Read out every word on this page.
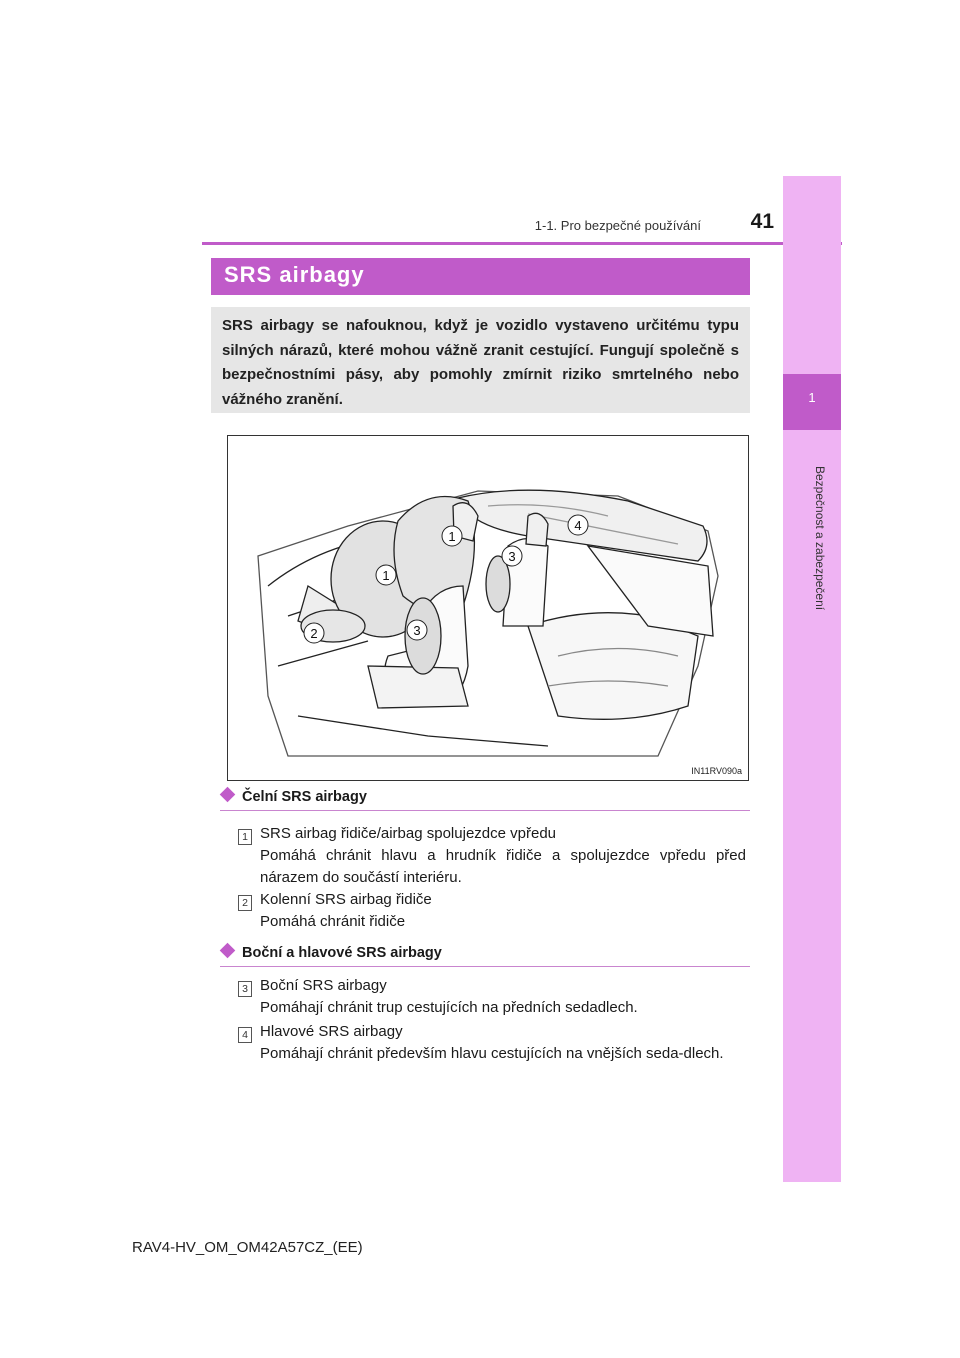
1-1. Pro bezpečné používání	41
1
Bezpečnost a zabezpečení
SRS airbagy
SRS airbagy se nafouknou, když je vozidlo vystaveno určitému typu silných nárazů, které mohou vážně zranit cestující. Fungují společně s bezpečnostními pásy, aby pomohly zmírnit riziko smrtelného nebo vážného zranění.
1
1
2	3
3
4
IN11RV090a
Čelní SRS airbagy
1 SRS airbag řidiče/airbag spolujezdce vpředu
Pomáhá chránit hlavu a hrudník řidiče a spolujezdce vpředu před nárazem do součástí interiéru.
2 Kolenní SRS airbag řidiče
Pomáhá chránit řidiče
Boční a hlavové SRS airbagy
3 Boční SRS airbagy
Pomáhají chránit trup cestujících na předních sedadlech.
4 Hlavové SRS airbagy
Pomáhají chránit především hlavu cestujících na vnějších seda-dlech.
RAV4-HV_OM_OM42A57CZ_(EE)
